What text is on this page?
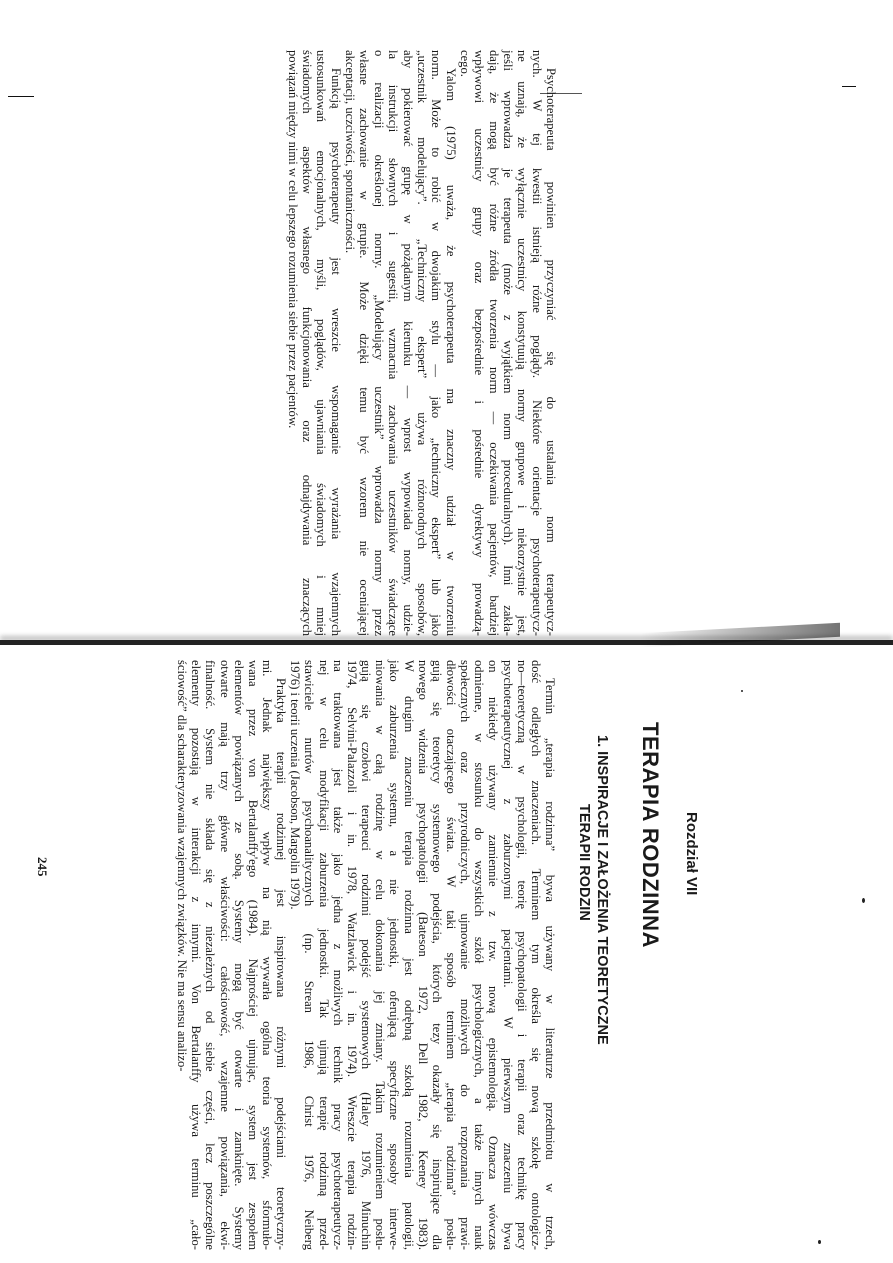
Psychoterapeuta powinien przyczyniać się do ustalania norm terapeutycz-
nych. W tej kwestii istnieją różne poglądy. Niektóre orientacje psychoterapeutycz-
ne uznają, że wyłącznie uczestnicy konstytuują normy grupowe i niekorzystnie jest,
jeśli wprowadza je terapeuta (może z wyjątkiem norm proceduralnych). Inni zakła-
dają, że mogą być różne źródła tworzenia norm — oczekiwania pacjentów, bardziej
wpływowi uczestnicy grupy oraz bezpośrednie i pośrednie dyrektywy prowadzą-
cego.
Yalom (1975) uważa, że psychoterapeuta ma znaczny udział w tworzeniu
norm. Może to robić w dwojakim stylu — jako „techniczny ekspert” lub jako
„uczestnik modelujący”. „Techniczny ekspert” używa różnorodnych sposobów,
aby pokierować grupę w pożądanym kierunku — wprost wypowiada normy, udzie-
la instrukcji słownych i sugestii, wzmacnia zachowania uczestników świadczące
o realizacji określonej normy. „Modelujący uczestnik” wprowadza normy przez
własne zachowanie w grupie. Może dzięki temu być wzorem nie oceniającej
akceptacji, uczciwości, spontaniczności.
Funkcją psychoterapeuty jest wreszcie wspomaganie wyrażania wzajemnych
ustosunkowań emocjonalnych, myśli, poglądów, ujawniania świadomych i mniej
świadomych aspektów własnego funkcjonowania oraz odnajdywania znaczących
powiązań między nimi w celu lepszego rozumienia siebie przez pacjentów.
Rozdział VII
TERAPIA RODZINNA
1. INSPIRACJE I ZAŁOŻENIA TEORETYCZNE
TERAPII RODZIN
Termin „terapia rodzinna” bywa używany w literaturze przedmiotu w trzech,
dość odległych znaczeniach. Terminem tym określa się nową szkołę ontologicz-
no—teoretyczną w psychologii, teorię psychopatologii i terapii oraz technikę pracy
psychoterapeutycznej z zaburzonymi pacjentami. W pierwszym znaczeniu bywa
on niekiedy używany zamiennie z tzw. nową epistemologią. Oznacza wówczas
odmienne, w stosunku do wszystkich szkół psychologicznych, a także innych nauk
społecznych oraz przyrodniczych, ujmowanie możliwych do rozpoznania prawi-
dłowości otaczającego świata. W taki sposób terminem „terapia rodzinna” posłu-
gują się teoretycy systemowego podejścia, których tezy okazały się inspirujące dla
nowego widzenia psychopatologii (Bateson 1972, Dell 1982, Keeney 1983).
W drugim znaczeniu terapia rodzinna jest odrębną szkołą rozumienia patologii,
jako zaburzenia systemu, a nie jednostki, oferującą specyficzne sposoby interwe-
niowania w całą rodzinę w celu dokonania jej zmiany. Takim rozumieniem posłu-
gują się czołowi terapeuci rodzinni podejść systemowych (Haley 1976, Minuchin
1974, Selvini-Palazzoli i in. 1978, Watzlawick i in. 1974). Wreszcie terapia rodzin-
na traktowana jest także jako jedna z możliwych technik pracy psychoterapeutycz-
nej w celu modyfikacji zaburzenia jednostki. Tak ujmują terapię rodzinną przed-
stawiciele nurtów psychoanalitycznych (np. Strean 1986, Christ 1976, Neiberg
1976) i teorii uczenia (Jacobson, Margolin 1979).
Praktyka terapii rodzinnej jest inspirowana różnymi podejściami teoretyczny-
mi. Jednak największy wpływ na nią wywarła ogólna teoria systemów, sformuło-
wana przez von Bertalanffy'ego (1984). Najprościej ujmując, system jest zespołem
elementów powiązanych ze sobą. Systemy mogą być otwarte i zamknięte. Systemy
otwarte mają trzy główne właściwości: całościowość, wzajemne powiązania, ekwi-
finalność. System nie składa się z niezależnych od siebie części, lecz poszczególne
elementy pozostają w interakcji z innymi. Von Bertalanffy używa terminu „cało-
ściowość” dla scharakteryzowania wzajemnych związków. Nie ma sensu analizo-
245
